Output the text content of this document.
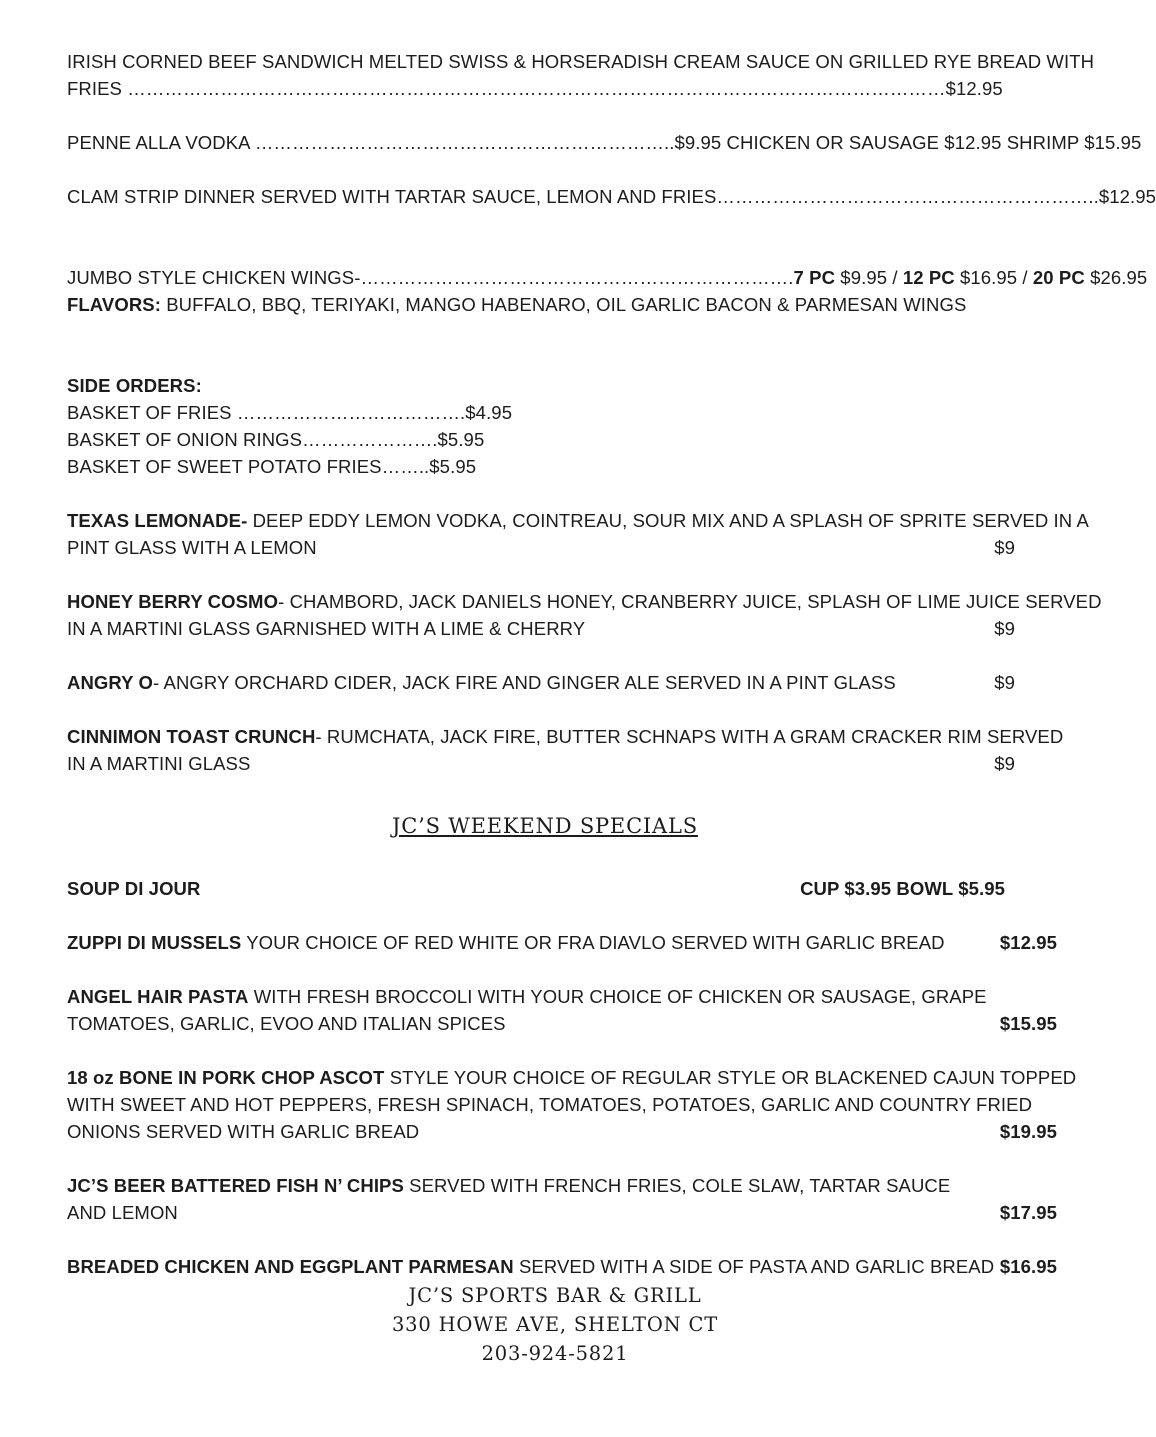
IRISH CORNED BEEF SANDWICH MELTED SWISS & HORSERADISH CREAM SAUCE ON GRILLED RYE BREAD WITH
FRIES ……………………………………………………………………………………………………………………$12.95
PENNE ALLA VODKA …………………………………………………………..$9.95 CHICKEN OR SAUSAGE $12.95 SHRIMP $15.95
CLAM STRIP DINNER SERVED WITH TARTAR SAUCE, LEMON AND FRIES……………………………………………………..$12.95
JUMBO STYLE CHICKEN WINGS-…………………………………………………………….7 PC $9.95 / 12 PC $16.95 / 20 PC $26.95
FLAVORS: BUFFALO, BBQ, TERIYAKI, MANGO HABENARO, OIL GARLIC BACON & PARMESAN WINGS
SIDE ORDERS:
BASKET OF FRIES ……………………………….$4.95
BASKET OF ONION RINGS………………….$5.95
BASKET OF SWEET POTATO FRIES……..$5.95
TEXAS LEMONADE- DEEP EDDY LEMON VODKA, COINTREAU, SOUR MIX AND A SPLASH OF SPRITE SERVED IN A
PINT GLASS WITH A LEMON	$9
HONEY BERRY COSMO- CHAMBORD, JACK DANIELS HONEY, CRANBERRY JUICE, SPLASH OF LIME JUICE SERVED
IN A MARTINI GLASS GARNISHED WITH A LIME & CHERRY	$9
ANGRY O- ANGRY ORCHARD CIDER, JACK FIRE AND GINGER ALE SERVED IN A PINT GLASS	$9
CINNIMON TOAST CRUNCH- RUMCHATA, JACK FIRE, BUTTER SCHNAPS WITH A GRAM CRACKER RIM SERVED
IN A MARTINI GLASS	$9
JC’S WEEKEND SPECIALS
SOUP DI JOUR	CUP $3.95 BOWL $5.95
ZUPPI DI MUSSELS YOUR CHOICE OF RED WHITE OR FRA DIAVLO SERVED WITH GARLIC BREAD	$12.95
ANGEL HAIR PASTA WITH FRESH BROCCOLI WITH YOUR CHOICE OF CHICKEN OR SAUSAGE, GRAPE
TOMATOES, GARLIC, EVOO AND ITALIAN SPICES	$15.95
18 oz BONE IN PORK CHOP ASCOT STYLE YOUR CHOICE OF REGULAR STYLE OR BLACKENED CAJUN TOPPED
WITH SWEET AND HOT PEPPERS, FRESH SPINACH, TOMATOES, POTATOES, GARLIC AND COUNTRY FRIED
ONIONS SERVED WITH GARLIC BREAD	$19.95
JC’S BEER BATTERED FISH N’ CHIPS SERVED WITH FRENCH FRIES, COLE SLAW, TARTAR SAUCE
AND LEMON	$17.95
BREADED CHICKEN AND EGGPLANT PARMESAN SERVED WITH A SIDE OF PASTA AND GARLIC BREAD $16.95
JC’S SPORTS BAR & GRILL
330 HOWE AVE, SHELTON CT
203-924-5821
